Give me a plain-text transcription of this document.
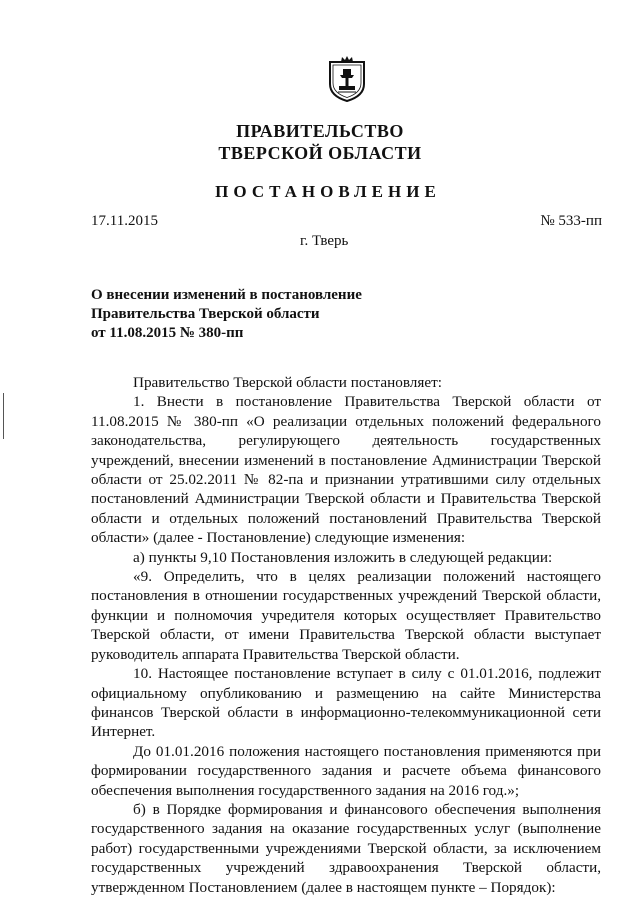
ПРАВИТЕЛЬСТВО
ТВЕРСКОЙ ОБЛАСТИ
ПОСТАНОВЛЕНИЕ
17.11.2015	№ 533-пп
г. Тверь
О внесении изменений в постановление
Правительства Тверской области
от 11.08.2015 № 380-пп

Правительство Тверской области постановляет:

1. Внести в постановление Правительства Тверской области от 11.08.2015 № 380-пп «О реализации отдельных положений федерального законодательства, регулирующего деятельность государственных учреждений, внесении изменений в постановление Администрации Тверской области от 25.02.2011 № 82-па и признании утратившими силу отдельных постановлений Администрации Тверской области и Правительства Тверской области и отдельных положений постановлений Правительства Тверской области» (далее - Постановление) следующие изменения:

а) пункты 9,10 Постановления изложить в следующей редакции:

«9. Определить, что в целях реализации положений настоящего постановления в отношении государственных учреждений Тверской области, функции и полномочия учредителя которых осуществляет Правительство Тверской области, от имени Правительства Тверской области выступает руководитель аппарата Правительства Тверской области.

10. Настоящее постановление вступает в силу с 01.01.2016, подлежит официальному опубликованию и размещению на сайте Министерства финансов Тверской области в информационно-телекоммуникационной сети Интернет.

До 01.01.2016 положения настоящего постановления применяются при формировании государственного задания и расчете объема финансового обеспечения выполнения государственного задания на 2016 год.»;

б) в Порядке формирования и финансового обеспечения выполнения государственного задания на оказание государственных услуг (выполнение работ) государственными учреждениями Тверской области, за исключением государственных учреждений здравоохранения Тверской области, утвержденном Постановлением (далее в настоящем пункте – Порядок):
